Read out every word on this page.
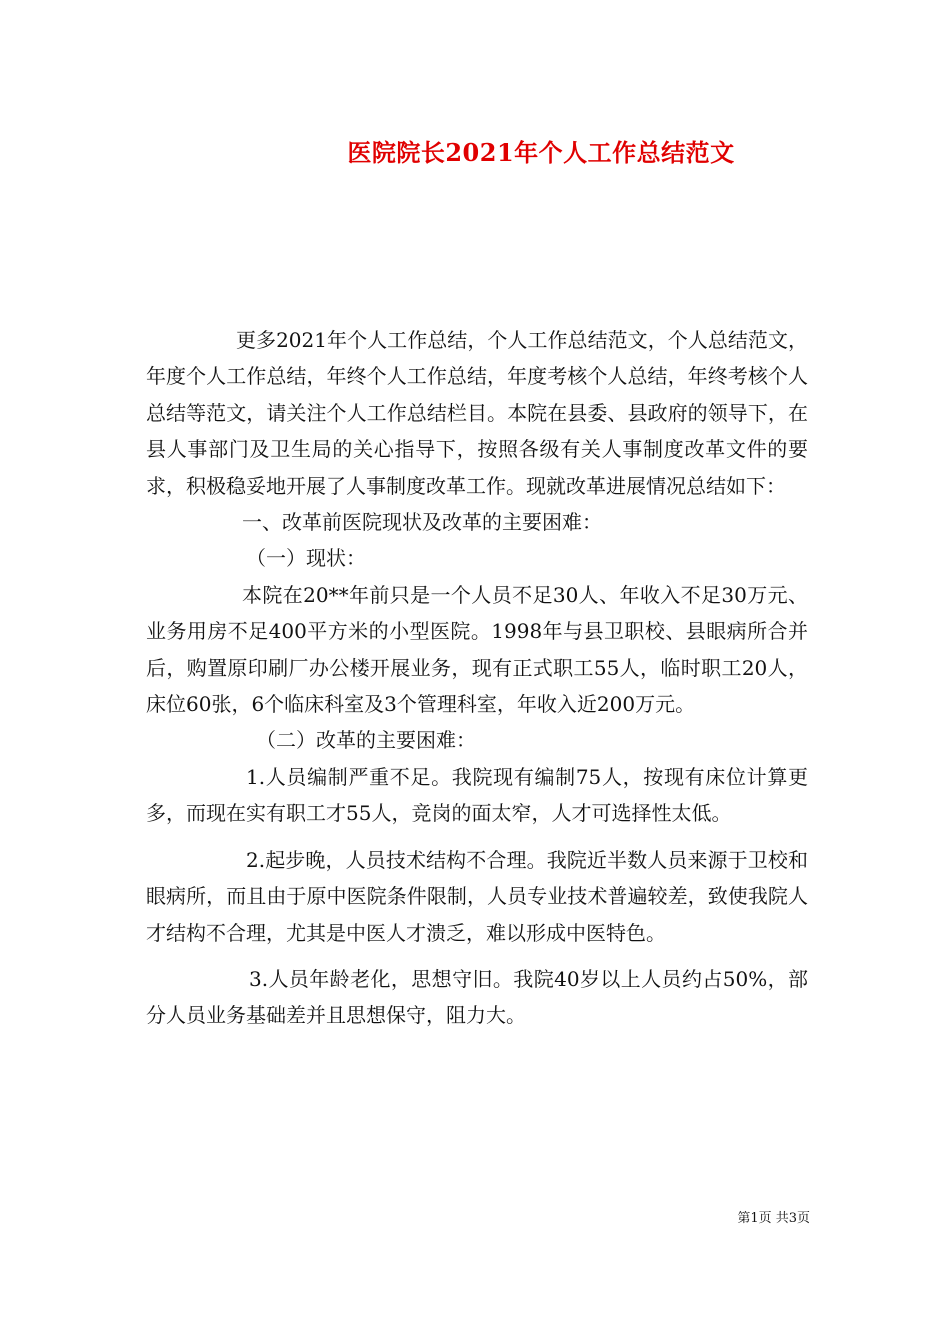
医院院长2021年个人工作总结范文

更多2021年个人工作总结，个人工作总结范文，个人总结范文，年度个人工作总结，年终个人工作总结，年度考核个人总结，年终考核个人总结等范文，请关注个人工作总结栏目。本院在县委、县政府的领导下，在县人事部门及卫生局的关心指导下，按照各级有关人事制度改革文件的要求，积极稳妥地开展了人事制度改革工作。现就改革进展情况总结如下：

一、改革前医院现状及改革的主要困难：

（一）现状：

本院在20**年前只是一个人员不足30人、年收入不足30万元、业务用房不足400平方米的小型医院。1998年与县卫职校、县眼病所合并后，购置原印刷厂办公楼开展业务，现有正式职工55人，临时职工20人，床位60张，6个临床科室及3个管理科室，年收入近200万元。

（二）改革的主要困难：

1.人员编制严重不足。我院现有编制75人，按现有床位计算更多，而现在实有职工才55人，竞岗的面太窄，人才可选择性太低。

2.起步晚，人员技术结构不合理。我院近半数人员来源于卫校和眼病所，而且由于原中医院条件限制，人员专业技术普遍较差，致使我院人才结构不合理，尤其是中医人才溃乏，难以形成中医特色。

3.人员年龄老化，思想守旧。我院40岁以上人员约占50%，部分人员业务基础差并且思想保守，阻力大。

第1页 共3页
